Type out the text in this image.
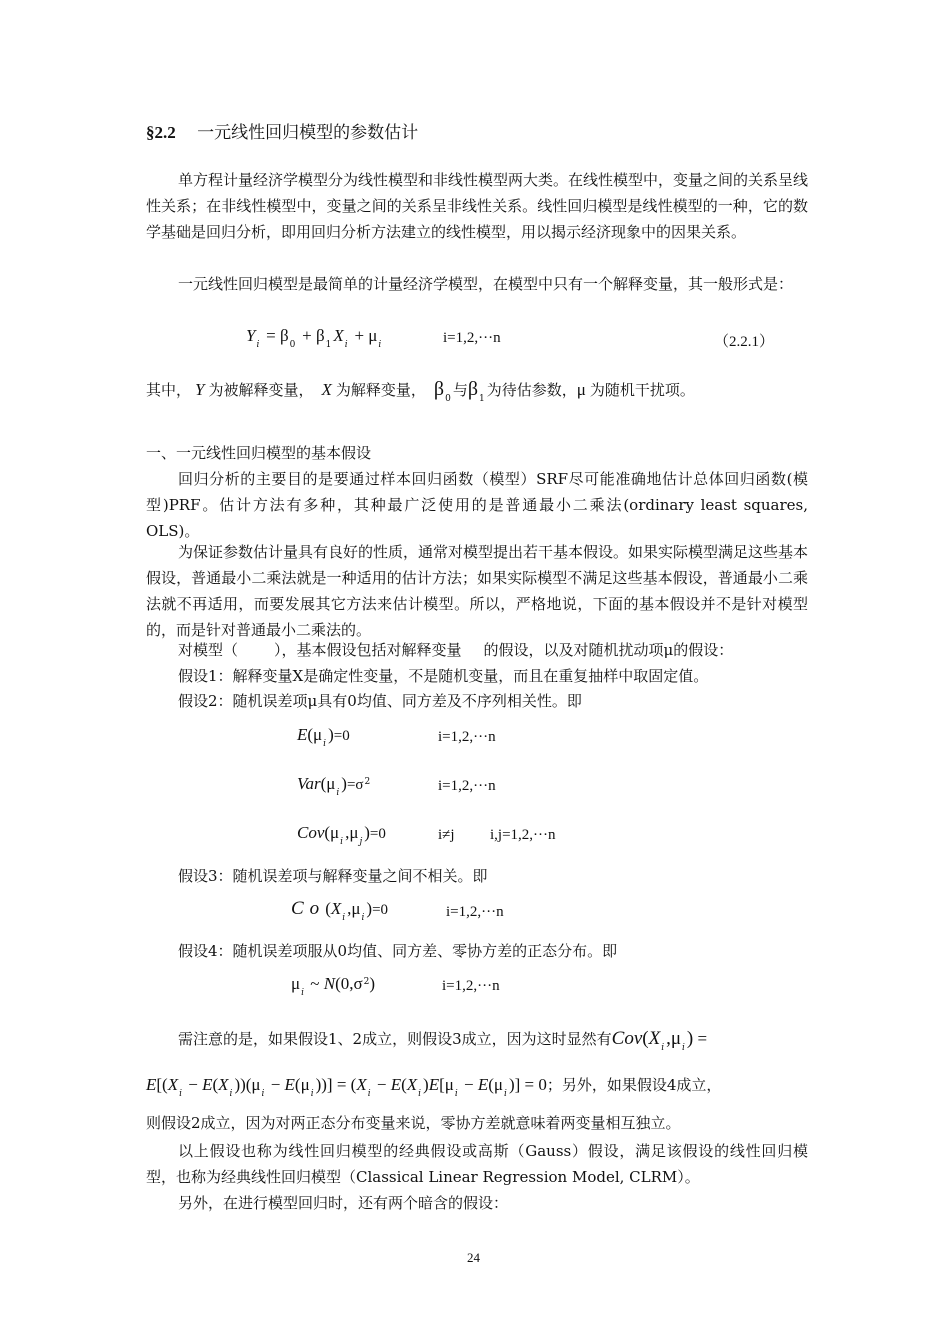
§2.2 一元线性回归模型的参数估计
单方程计量经济学模型分为线性模型和非线性模型两大类。在线性模型中，变量之间的关系呈线性关系；在非线性模型中，变量之间的关系呈非线性关系。线性回归模型是线性模型的一种，它的数学基础是回归分析，即用回归分析方法建立的线性模型，用以揭示经济现象中的因果关系。
一元线性回归模型是最简单的计量经济学模型，在模型中只有一个解释变量，其一般形式是：
$Y_i = \beta_0 + \beta_1$ $X_i + \mu_i$	i=1,2,···n	（2.2.1）
其中， Y 为被解释变量， X 为解释变量， $\beta_0$ 与$\beta_1$ 为待估参数，μ 为随机干扰项。
一、一元线性回归模型的基本假设
回归分析的主要目的是要通过样本回归函数（模型）SRF尽可能准确地估计总体回归函数(模型)PRF。估计方法有多种，其种最广泛使用的是普通最小二乘法(ordinary least squares, OLS)。
为保证参数估计量具有良好的性质，通常对模型提出若干基本假设。如果实际模型满足这些基本假设，普通最小二乘法就是一种适用的估计方法；如果实际模型不满足这些基本假设，普通最小二乘法就不再适用，而要发展其它方法来估计模型。所以，严格地说，下面的基本假设并不是针对模型的，而是针对普通最小二乘法的。
对模型（ ），基本假设包括对解释变量 的假设，以及对随机扰动项μ的假设：
假设1：解释变量X是确定性变量，不是随机变量，而且在重复抽样中取固定值。
假设2：随机误差项μ具有0均值、同方差及不序列相关性。即
$E(\mu_i$ )=0	i=1,2,···n
$Var(\mu_i$ )$=\sigma^2$	i=1,2,···n
$Cov(\mu_i$ $,\mu_j$ )=0	i≠j i,j=1,2,···n
假设3：随机误差项与解释变量之间不相关。即
$Co(X_i$ $,\mu_i$ )=0	i=1,2,···n
假设4：随机误差项服从0均值、同方差、零协方差的正态分布。即
$\mu_i$ ~ $N(0,\sigma^2)$	i=1,2,···n
需注意的是，如果假设1、2成立，则假设3成立，因为这时显然有$Cov(X_i$ $,\mu_i$ ) =
$E[(X_i - E(X_i$ ))($\mu_i - E(\mu_i$ ))] = ($X_i - E(X_i$ )$E[\mu_i - E(\mu_i$ )] = 0；另外，如果假设4成立，
则假设2成立，因为对两正态分布变量来说，零协方差就意味着两变量相互独立。
以上假设也称为线性回归模型的经典假设或高斯（Gauss）假设，满足该假设的线性回归模型，也称为经典线性回归模型（Classical Linear Regression Model, CLRM）。
另外，在进行模型回归时，还有两个暗含的假设：
24
